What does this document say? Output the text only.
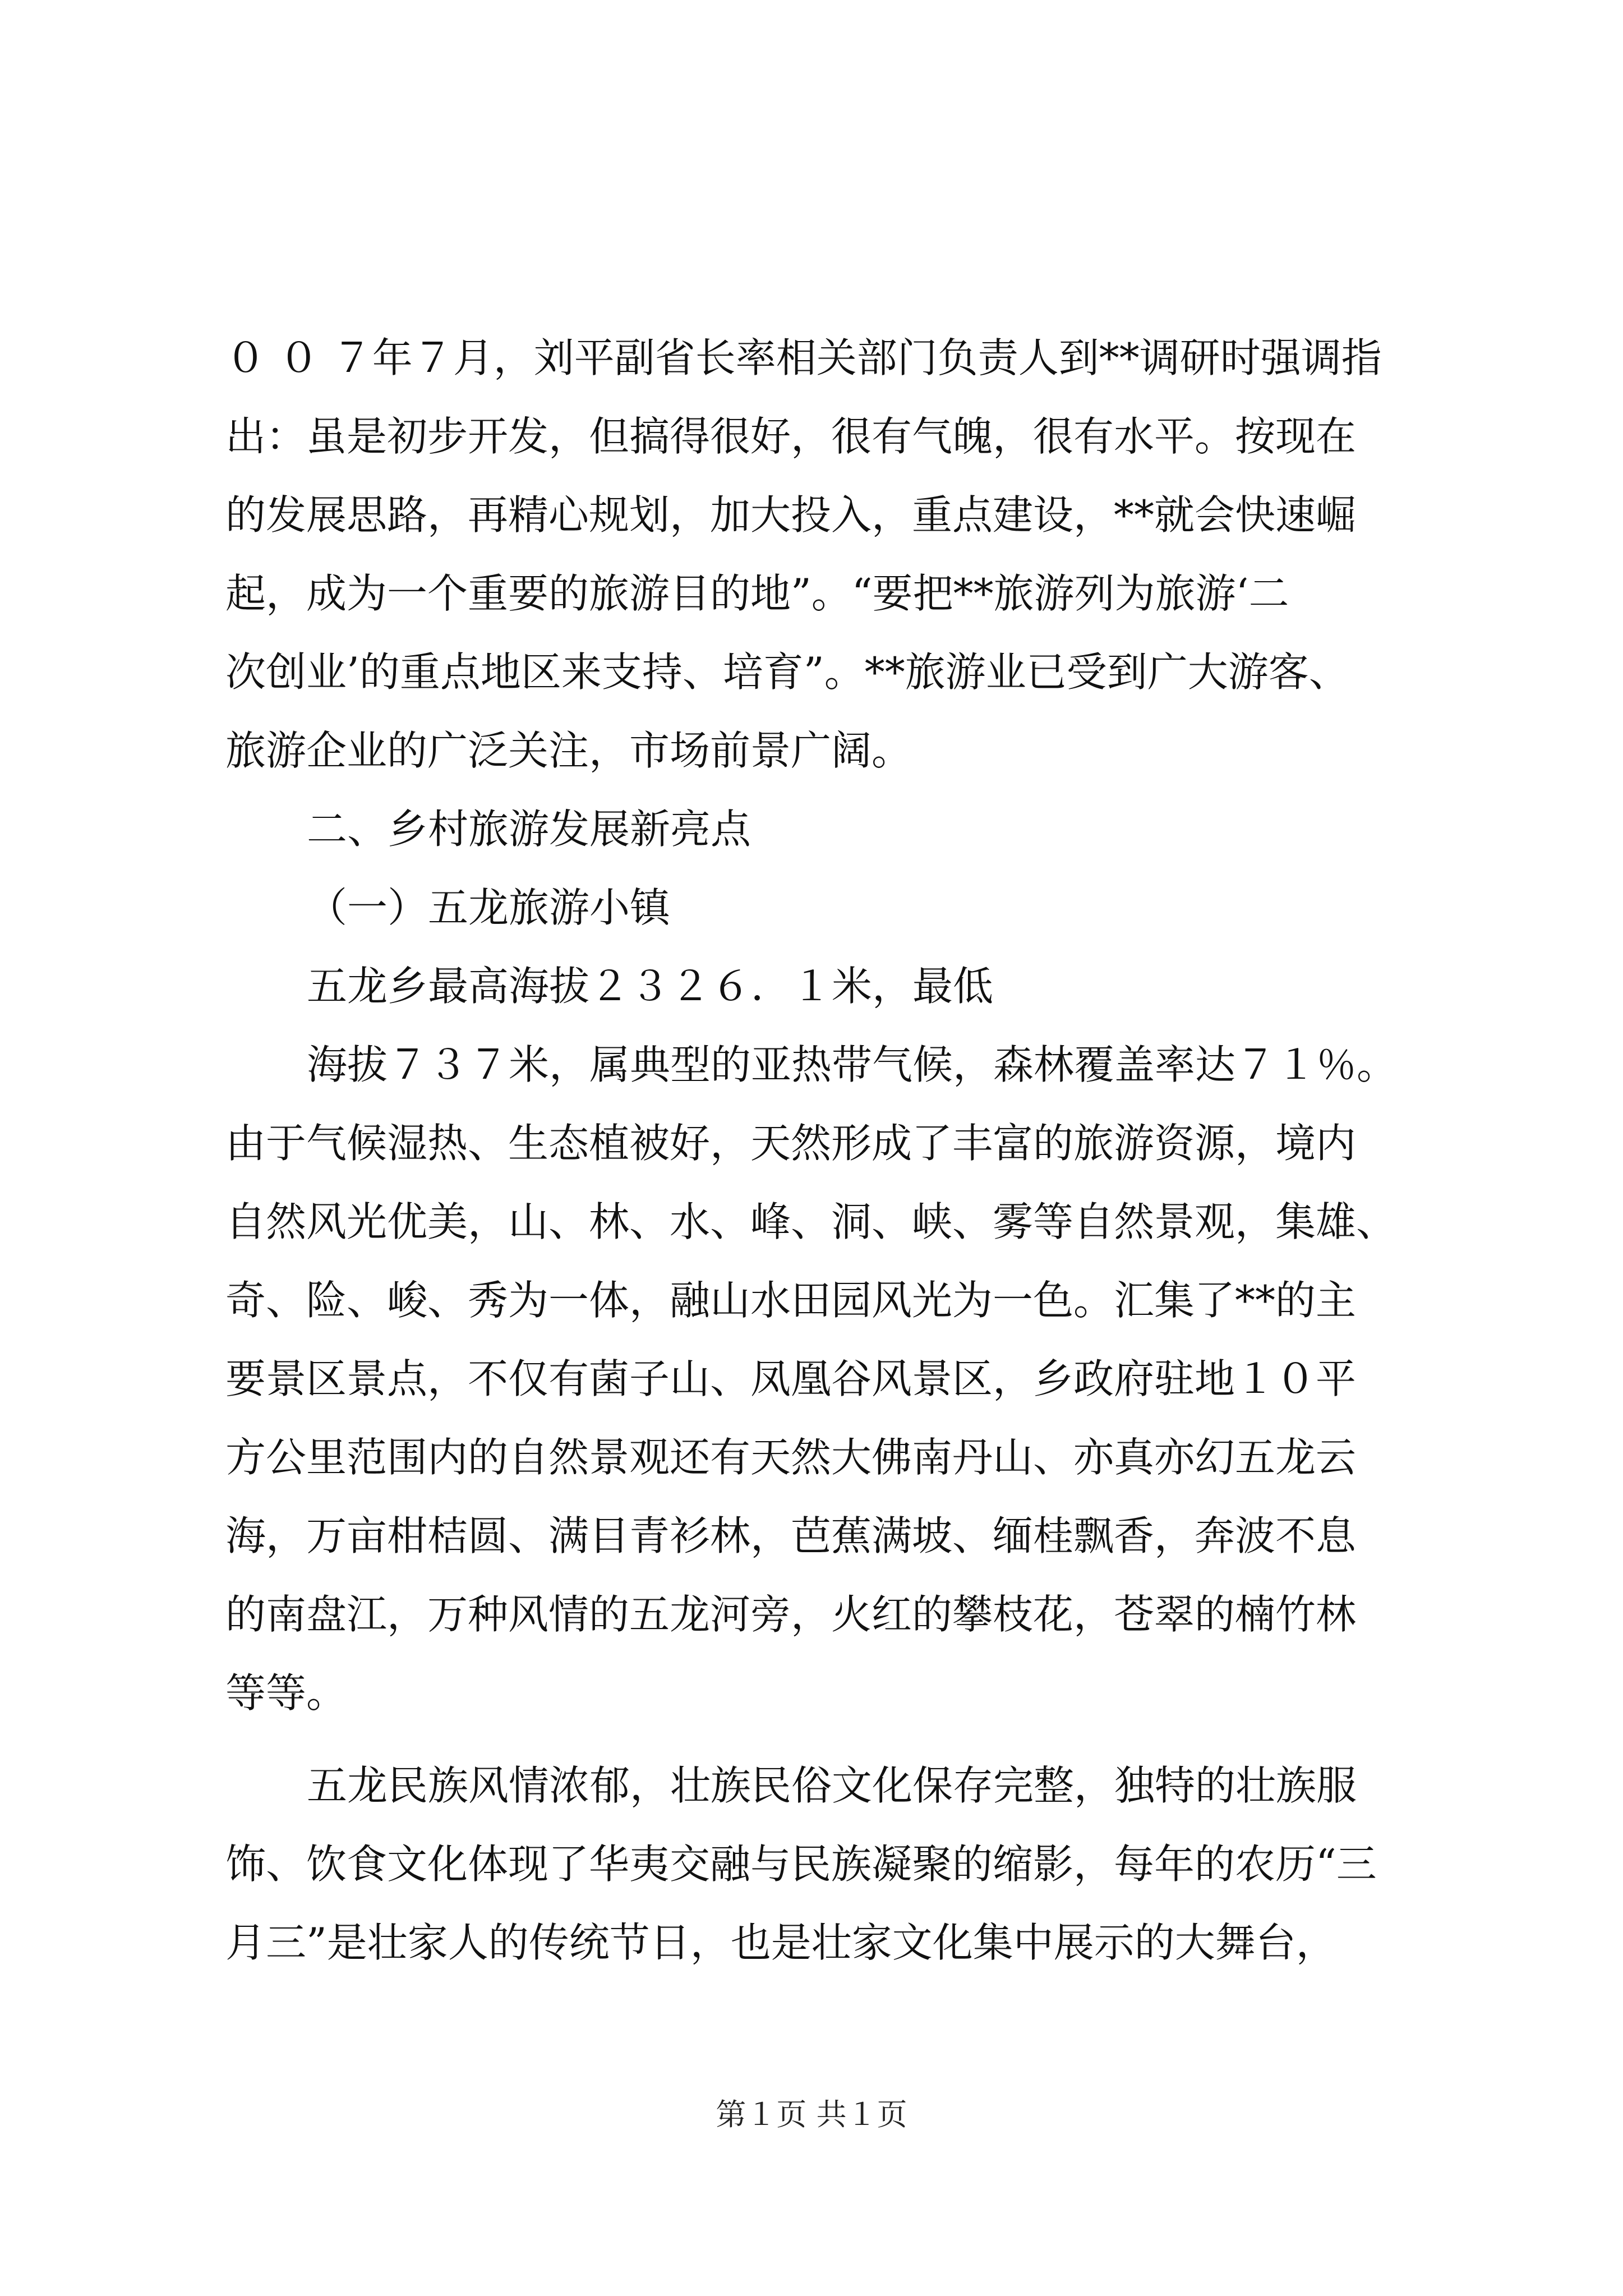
０ ０ ７年７月，刘平副省长率相关部门负责人到**调研时强调指
出：虽是初步开发，但搞得很好，很有气魄，很有水平。按现在
的发展思路，再精心规划，加大投入，重点建设，**就会快速崛
起，成为一个重要的旅游目的地”。“要把**旅游列为旅游‘二
次创业’的重点地区来支持、培育”。**旅游业已受到广大游客、
旅游企业的广泛关注，市场前景广阔。
二、乡村旅游发展新亮点
（一）五龙旅游小镇
五龙乡最高海拔２３２６．１米，最低
海拔７３７米，属典型的亚热带气候，森林覆盖率达７１％。
由于气候湿热、生态植被好，天然形成了丰富的旅游资源，境内
自然风光优美，山、林、水、峰、洞、峡、雾等自然景观，集雄、
奇、险、峻、秀为一体，融山水田园风光为一色。汇集了**的主
要景区景点，不仅有菌子山、凤凰谷风景区，乡政府驻地１０平
方公里范围内的自然景观还有天然大佛南丹山、亦真亦幻五龙云
海，万亩柑桔圆、满目青衫林，芭蕉满坡、缅桂飘香，奔波不息
的南盘江，万种风情的五龙河旁，火红的攀枝花，苍翠的楠竹林
等等。
五龙民族风情浓郁，壮族民俗文化保存完整，独特的壮族服
饰、饮食文化体现了华夷交融与民族凝聚的缩影，每年的农历“三
月三”是壮家人的传统节日，也是壮家文化集中展示的大舞台，
第１页 共１页
